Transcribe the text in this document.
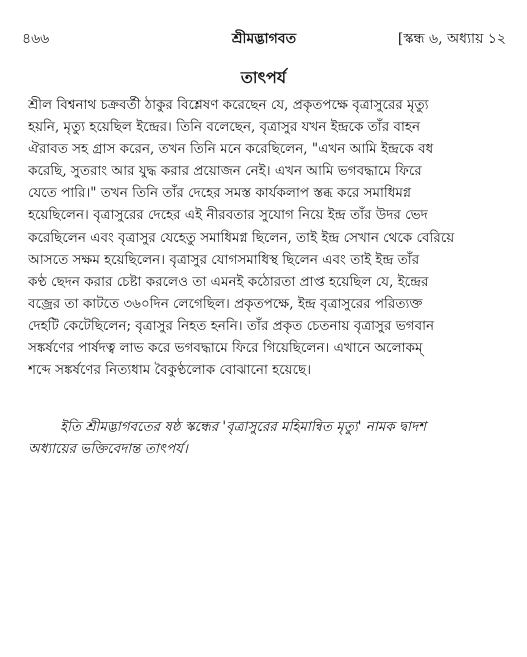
৪৬৬	শ্রীমদ্ভাগবত	[স্কন্ধ ৬, অধ্যায় ১২
তাৎপর্য
শ্রীল বিশ্বনাথ চক্রবর্তী ঠাকুর বিশ্লেষণ করেছেন যে, প্রকৃতপক্ষে বৃত্রাসুরের মৃত্যু
হয়নি, মৃত্যু হয়েছিল ইন্দ্রের। তিনি বলেছেন, বৃত্রাসুর যখন ইন্দ্রকে তাঁর বাহন
ঐরাবত সহ গ্রাস করেন, তখন তিনি মনে করেছিলেন, "এখন আমি ইন্দ্রকে বধ
করেছি, সুতরাং আর যুদ্ধ করার প্রয়োজন নেই। এখন আমি ভগবদ্ধামে ফিরে
যেতে পারি।" তখন তিনি তাঁর দেহের সমস্ত কার্যকলাপ স্তব্ধ করে সমাধিমগ্ন
হয়েছিলেন। বৃত্রাসুরের দেহের এই নীরবতার সুযোগ নিয়ে ইন্দ্র তাঁর উদর ভেদ
করেছিলেন এবং বৃত্রাসুর যেহেতু সমাধিমগ্ন ছিলেন, তাই ইন্দ্র সেখান থেকে বেরিয়ে
আসতে সক্ষম হয়েছিলেন। বৃত্রাসুর যোগসমাধিস্থ ছিলেন এবং তাই ইন্দ্র তাঁর
কণ্ঠ ছেদন করার চেষ্টা করলেও তা এমনই কঠোরতা প্রাপ্ত হয়েছিল যে, ইন্দ্রের
বজ্রের তা কাটতে ৩৬০দিন লেগেছিল। প্রকৃতপক্ষে, ইন্দ্র বৃত্রাসুরের পরিত্যক্ত
দেহটি কেটেছিলেন; বৃত্রাসুর নিহত হননি। তাঁর প্রকৃত চেতনায় বৃত্রাসুর ভগবান
সঙ্কর্ষণের পার্ষদত্ব লাভ করে ভগবদ্ধামে ফিরে গিয়েছিলেন। এখানে অলোকম্
শব্দে সঙ্কর্ষণের নিত্যধাম বৈকুণ্ঠলোক বোঝানো হয়েছে।
ইতি শ্রীমদ্ভাগবতের ষষ্ঠ স্কন্ধের 'বৃত্রাসুরের মহিমান্বিত মৃত্যু' নামক দ্বাদশ
অধ্যায়ের ভক্তিবেদান্ত তাৎপর্য।
